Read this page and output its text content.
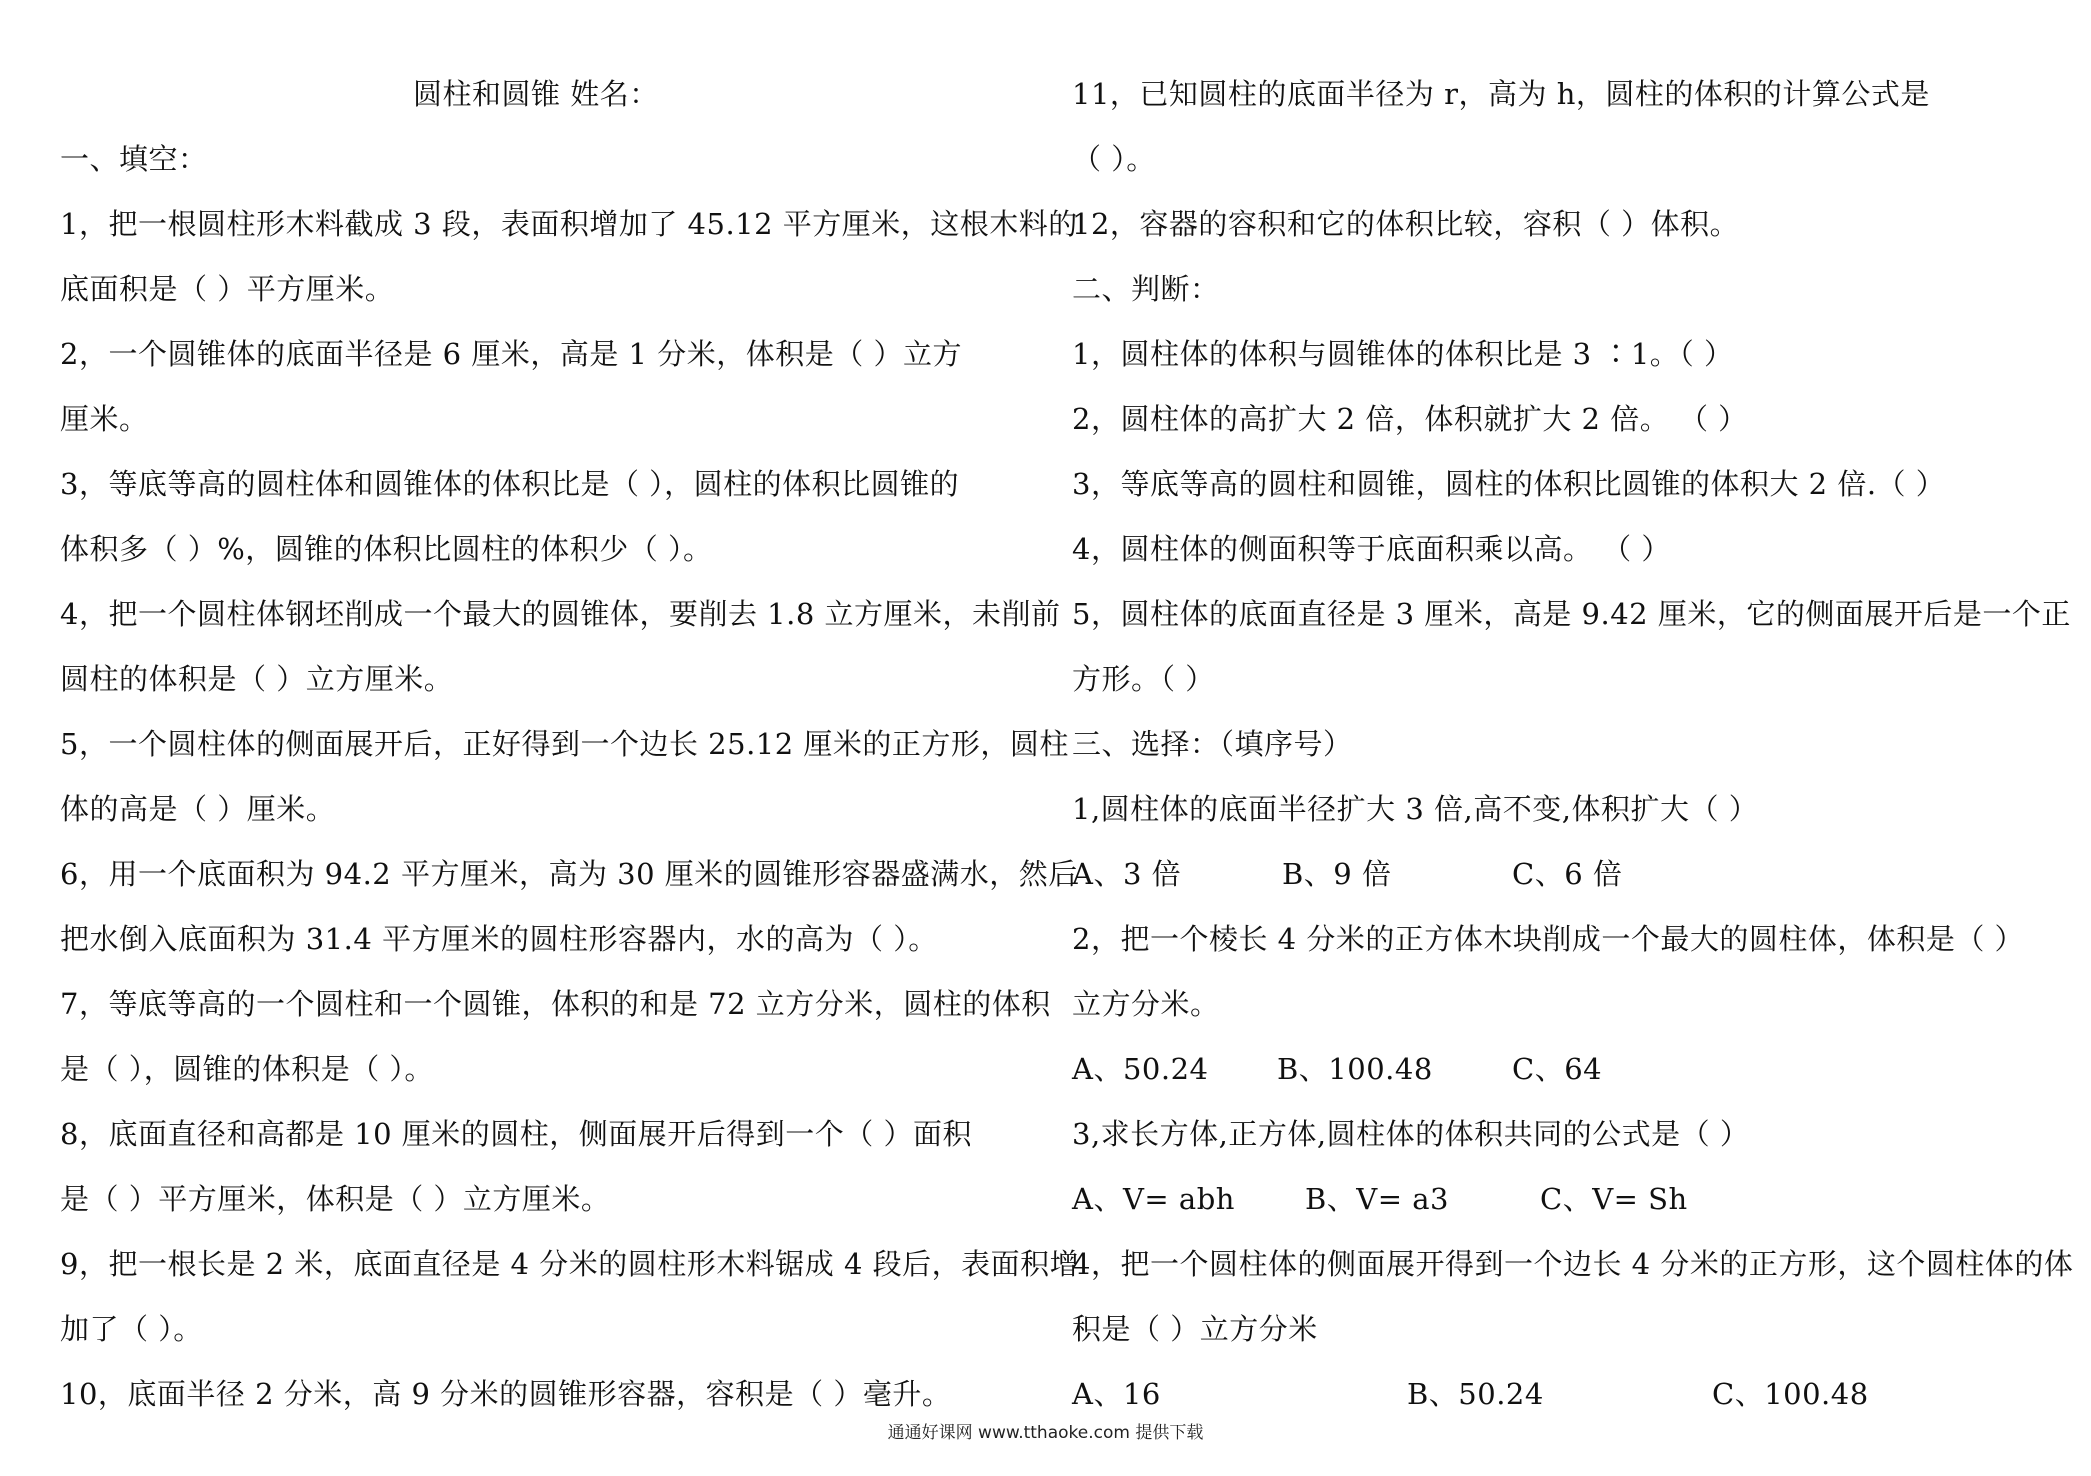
圆柱和圆锥 姓名：
一、填空：
1，把一根圆柱形木料截成 3 段，表面积增加了 45.12 平方厘米，这根木料的
底面积是（ ）平方厘米。
2，一个圆锥体的底面半径是 6 厘米，高是 1 分米，体积是（ ）立方
厘米。
3，等底等高的圆柱体和圆锥体的体积比是（ ），圆柱的体积比圆锥的
体积多（ ）%，圆锥的体积比圆柱的体积少（ ）。
4，把一个圆柱体钢坯削成一个最大的圆锥体，要削去 1.8 立方厘米，未削前
圆柱的体积是（ ）立方厘米。
5，一个圆柱体的侧面展开后，正好得到一个边长 25.12 厘米的正方形，圆柱
体的高是（ ）厘米。
6，用一个底面积为 94.2 平方厘米，高为 30 厘米的圆锥形容器盛满水，然后
把水倒入底面积为 31.4 平方厘米的圆柱形容器内，水的高为（ ）。
7，等底等高的一个圆柱和一个圆锥，体积的和是 72 立方分米，圆柱的体积
是（ ），圆锥的体积是（ ）。
8，底面直径和高都是 10 厘米的圆柱，侧面展开后得到一个（ ）面积
是（ ）平方厘米，体积是（ ）立方厘米。
9，把一根长是 2 米，底面直径是 4 分米的圆柱形木料锯成 4 段后，表面积增
加了（ ）。
10，底面半径 2 分米，高 9 分米的圆锥形容器，容积是（ ）毫升。
11，已知圆柱的底面半径为 r，高为 h，圆柱的体积的计算公式是
（ ）。
12，容器的容积和它的体积比较，容积（ ）体积。
二、判断：
1，圆柱体的体积与圆锥体的体积比是 3 ∶1。（ ）
2，圆柱体的高扩大 2 倍，体积就扩大 2 倍。 （ ）
3，等底等高的圆柱和圆锥，圆柱的体积比圆锥的体积大 2 倍.（ ）
4，圆柱体的侧面积等于底面积乘以高。 （ ）
5，圆柱体的底面直径是 3 厘米，高是 9.42 厘米，它的侧面展开后是一个正
方形。（ ）
三、选择：（填序号）
1,圆柱体的底面半径扩大 3 倍,高不变,体积扩大（ ）
A、3 倍	B、9 倍	C、6 倍
2，把一个棱长 4 分米的正方体木块削成一个最大的圆柱体，体积是（ ）
立方分米。
A、50.24 B、100.48	C、64
3,求长方体,正方体,圆柱体的体积共同的公式是（ ）
A、V= abh B、V= a3	C、V= Sh
4，把一个圆柱体的侧面展开得到一个边长 4 分米的正方形，这个圆柱体的体
积是（ ）立方分米
A、16	B、50.24	C、100.48
通通好课网 www.tthaoke.com 提供下载
